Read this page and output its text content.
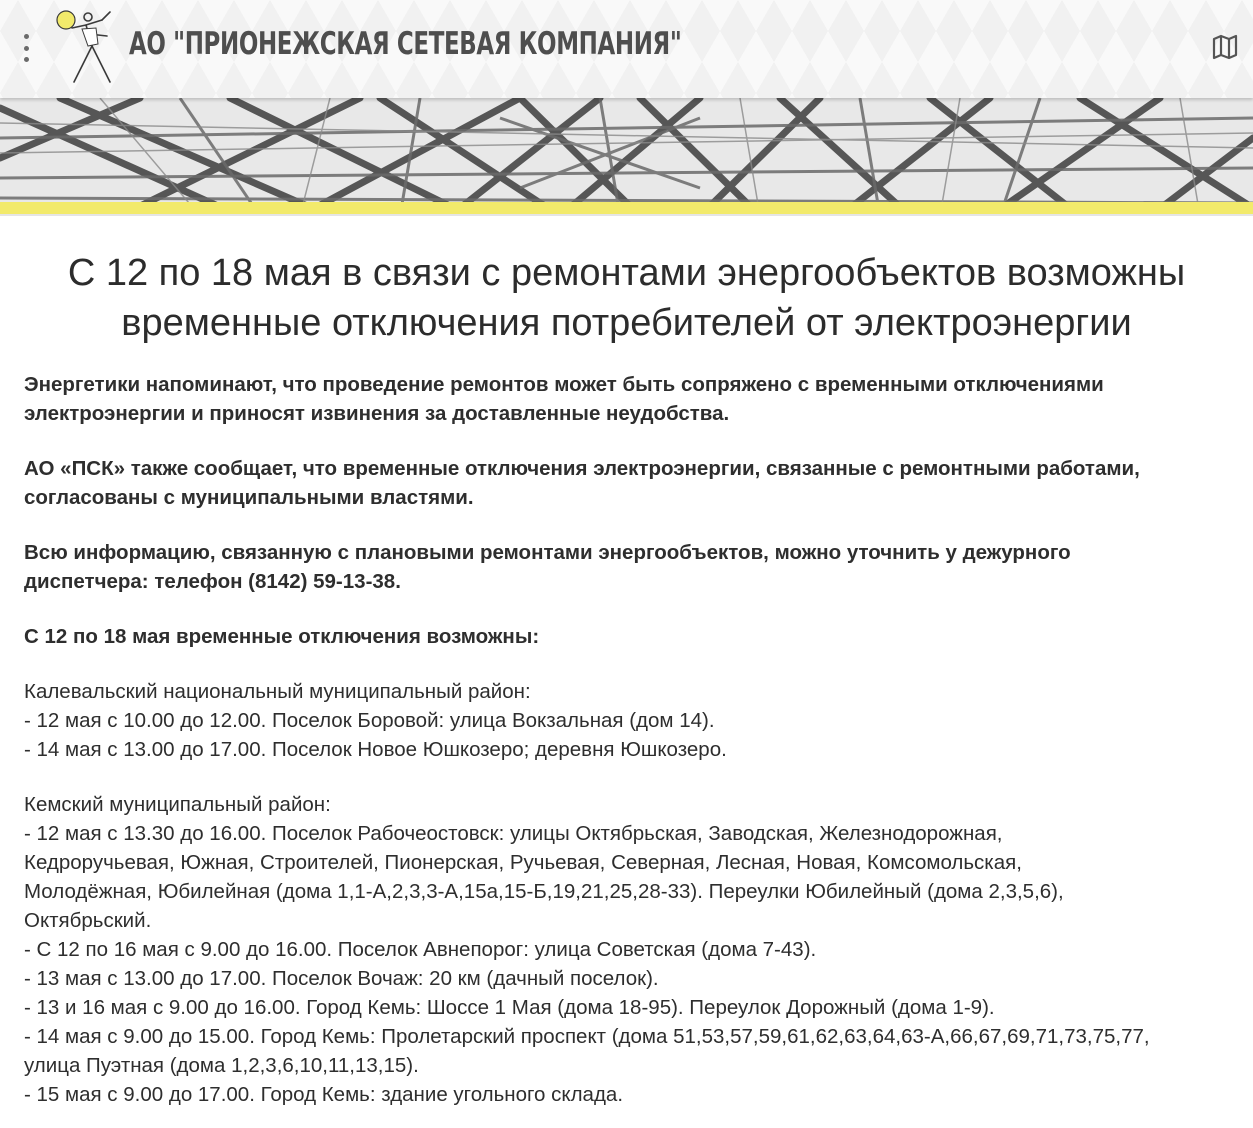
АО "ПРИОНЕЖСКАЯ СЕТЕВАЯ КОМПАНИЯ"
С 12 по 18 мая в связи с ремонтами энергообъектов возможны
временные отключения потребителей от электроэнергии

Энергетики напоминают, что проведение ремонтов может быть сопряжено с временными отключениями
электроэнергии и приносят извинения за доставленные неудобства.

АО «ПСК» также сообщает, что временные отключения электроэнергии, связанные с ремонтными работами,
согласованы с муниципальными властями.

Всю информацию, связанную с плановыми ремонтами энергообъектов, можно уточнить у дежурного
диспетчера: телефон (8142) 59-13-38.

С 12 по 18 мая временные отключения возможны:

Калевальский национальный муниципальный район:
- 12 мая с 10.00 до 12.00. Поселок Боровой: улица Вокзальная (дом 14).
- 14 мая с 13.00 до 17.00. Поселок Новое Юшкозеро; деревня Юшкозеро.
Кемский муниципальный район:
- 12 мая с 13.30 до 16.00. Поселок Рабочеостовск: улицы Октябрьская, Заводская, Железнодорожная,
Кедроручьевая, Южная, Строителей, Пионерская, Ручьевая, Северная, Лесная, Новая, Комсомольская,
Молодёжная, Юбилейная (дома 1,1-А,2,3,3-А,15а,15-Б,19,21,25,28-33). Переулки Юбилейный (дома 2,3,5,6),
Октябрьский.
- С 12 по 16 мая с 9.00 до 16.00. Поселок Авнепорог: улица Советская (дома 7-43).
- 13 мая с 13.00 до 17.00. Поселок Вочаж: 20 км (дачный поселок).
- 13 и 16 мая с 9.00 до 16.00. Город Кемь: Шоссе 1 Мая (дома 18-95). Переулок Дорожный (дома 1-9).
- 14 мая с 9.00 до 15.00. Город Кемь: Пролетарский проспект (дома 51,53,57,59,61,62,63,64,63-А,66,67,69,71,73,75,77,
улица Пуэтная (дома 1,2,3,6,10,11,13,15).
- 15 мая с 9.00 до 17.00. Город Кемь: здание угольного склада.
